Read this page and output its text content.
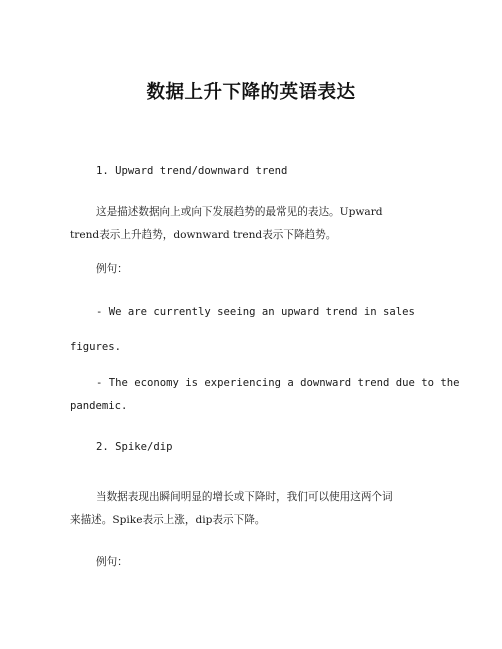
数据上升下降的英语表达
1. Upward trend/downward trend
这是描述数据向上或向下发展趋势的最常见的表达。Upward
trend表示上升趋势，downward trend表示下降趋势。
例句：
- We are currently seeing an upward trend in sales
figures.
- The economy is experiencing a downward trend due to the
pandemic.
2. Spike/dip
当数据表现出瞬间明显的增长或下降时，我们可以使用这两个词
来描述。Spike表示上涨，dip表示下降。
例句：
